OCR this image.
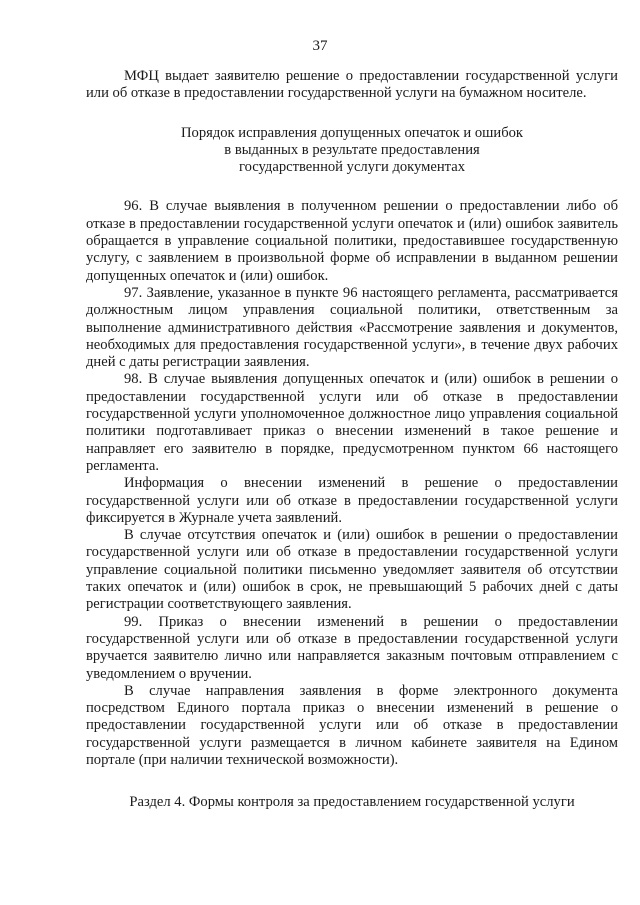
37

МФЦ выдает заявителю решение о предоставлении государственной услуги или об отказе в предоставлении государственной услуги на бумажном носителе.

Порядок исправления допущенных опечаток и ошибок
в выданных в результате предоставления
государственной услуги документах

96. В случае выявления в полученном решении о предоставлении либо об отказе в предоставлении государственной услуги опечаток и (или) ошибок заявитель обращается в управление социальной политики, предоставившее государственную услугу, с заявлением в произвольной форме об исправлении в выданном решении допущенных опечаток и (или) ошибок.

97. Заявление, указанное в пункте 96 настоящего регламента, рассматривается должностным лицом управления социальной политики, ответственным за выполнение административного действия «Рассмотрение заявления и документов, необходимых для предоставления государственной услуги», в течение двух рабочих дней с даты регистрации заявления.

98. В случае выявления допущенных опечаток и (или) ошибок в решении о предоставлении государственной услуги или об отказе в предоставлении государственной услуги уполномоченное должностное лицо управления социальной политики подготавливает приказ о внесении изменений в такое решение и направляет его заявителю в порядке, предусмотренном пунктом 66 настоящего регламента.

Информация о внесении изменений в решение о предоставлении государственной услуги или об отказе в предоставлении государственной услуги фиксируется в Журнале учета заявлений.

В случае отсутствия опечаток и (или) ошибок в решении о предоставлении государственной услуги или об отказе в предоставлении государственной услуги управление социальной политики письменно уведомляет заявителя об отсутствии таких опечаток и (или) ошибок в срок, не превышающий 5 рабочих дней с даты регистрации соответствующего заявления.

99. Приказ о внесении изменений в решении о предоставлении государственной услуги или об отказе в предоставлении государственной услуги вручается заявителю лично или направляется заказным почтовым отправлением с уведомлением о вручении.

В случае направления заявления в форме электронного документа посредством Единого портала приказ о внесении изменений в решение о предоставлении государственной услуги или об отказе в предоставлении государственной услуги размещается в личном кабинете заявителя на Едином портале (при наличии технической возможности).

Раздел 4. Формы контроля за предоставлением государственной услуги
